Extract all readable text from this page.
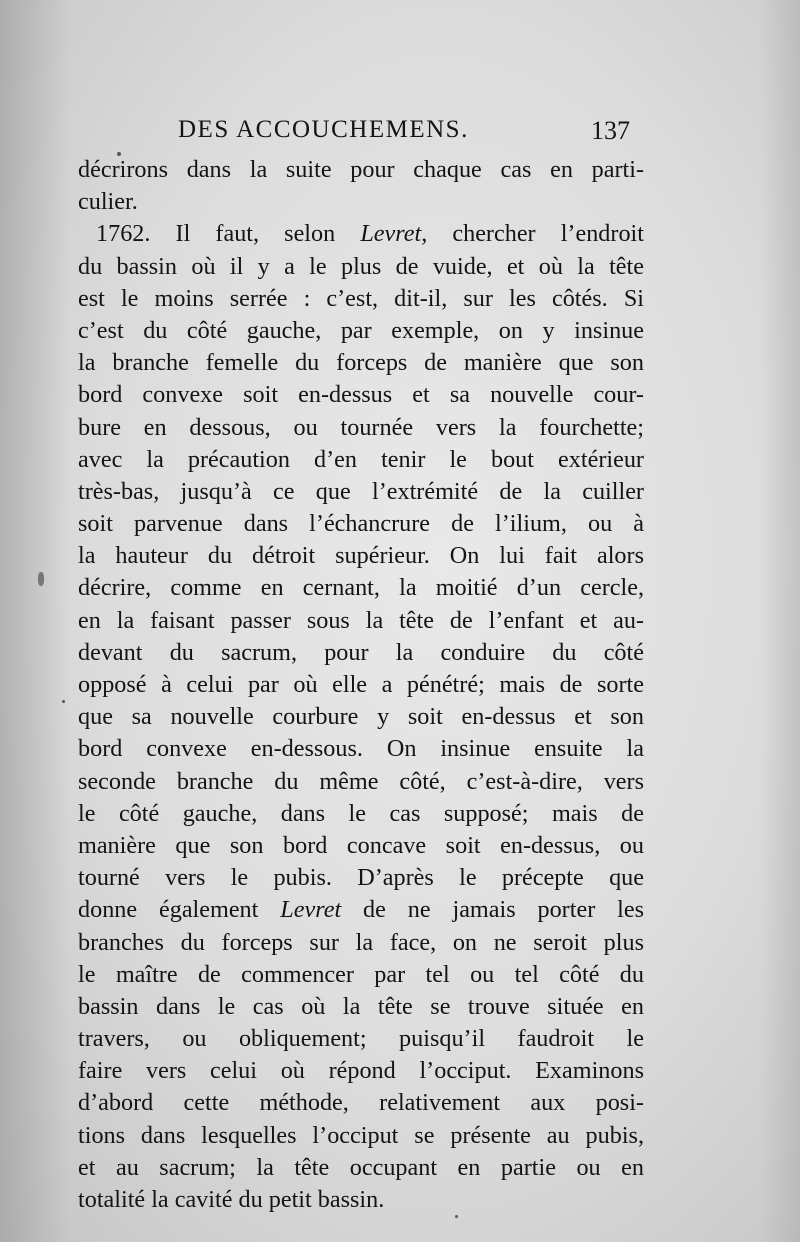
DES ACCOUCHEMENS.	137
décrirons dans la suite pour chaque cas en parti-
culier.
1762. Il faut, selon Levret, chercher l’endroit
du bassin où il y a le plus de vuide, et où la tête
est le moins serrée : c’est, dit-il, sur les côtés. Si
c’est du côté gauche, par exemple, on y insinue
la branche femelle du forceps de manière que son
bord convexe soit en-dessus et sa nouvelle cour-
bure en dessous, ou tournée vers la fourchette;
avec la précaution d’en tenir le bout extérieur
très-bas, jusqu’à ce que l’extrémité de la cuiller
soit parvenue dans l’échancrure de l’ilium, ou à
la hauteur du détroit supérieur. On lui fait alors
décrire, comme en cernant, la moitié d’un cercle,
en la faisant passer sous la tête de l’enfant et au-
devant du sacrum, pour la conduire du côté
opposé à celui par où elle a pénétré; mais de sorte
que sa nouvelle courbure y soit en-dessus et son
bord convexe en-dessous. On insinue ensuite la
seconde branche du même côté, c’est-à-dire, vers
le côté gauche, dans le cas supposé; mais de
manière que son bord concave soit en-dessus, ou
tourné vers le pubis. D’après le précepte que
donne également Levret de ne jamais porter les
branches du forceps sur la face, on ne seroit plus
le maître de commencer par tel ou tel côté du
bassin dans le cas où la tête se trouve située en
travers, ou obliquement; puisqu’il faudroit le
faire vers celui où répond l’occiput. Examinons
d’abord cette méthode, relativement aux posi-
tions dans lesquelles l’occiput se présente au pubis,
et au sacrum; la tête occupant en partie ou en
totalité la cavité du petit bassin.
